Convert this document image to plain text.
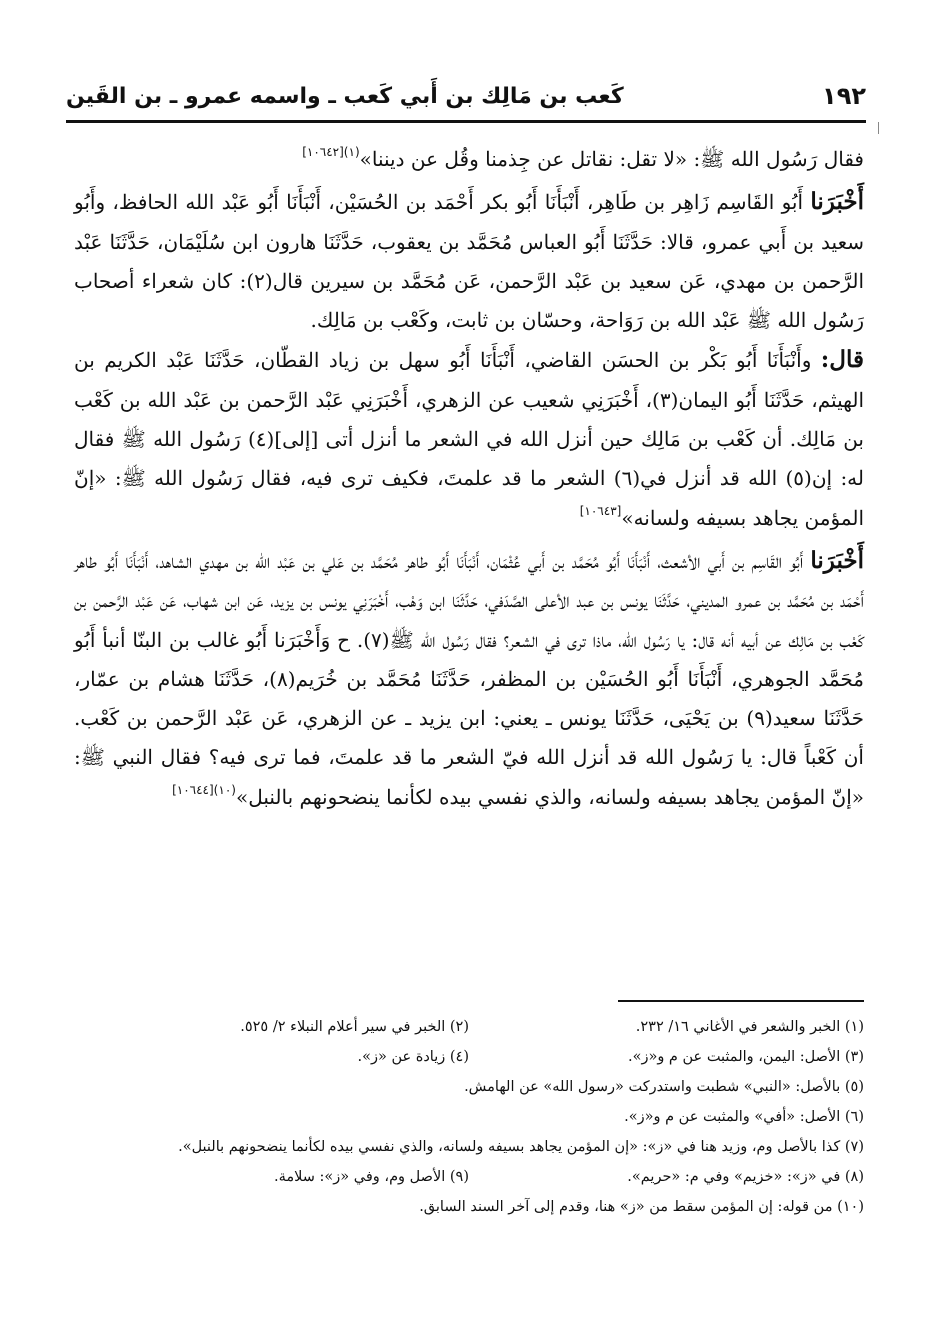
١٩٢
كَعب بن مَالِك بن أَبي كَعب ـ واسمه عمرو ـ بن القَين

فقال رَسُول الله ﷺ: «لا تقل: نقاتل عن جِذمنا وقُل عن ديننا»$^{(١)[١٠٦٤٢]}$

أَخْبَرَنا أَبُو القَاسِم زَاهِر بن طَاهِر، أَنْبَأَنَا أَبُو بكر أَحْمَد بن الحُسَيْن، أَنْبَأَنَا أَبُو عَبْد الله الحافظ، وأَبُو سعيد بن أَبي عمرو، قالا: حَدَّثَنَا أَبُو العباس مُحَمَّد بن يعقوب، حَدَّثَنَا هارون ابن سُلَيْمَان، حَدَّثَنَا عَبْد الرَّحمن بن مهدي، عَن سعيد بن عَبْد الرَّحمن، عَن مُحَمَّد بن سيرين قال(٢): كان شعراء أصحاب رَسُول الله ﷺ عَبْد الله بن رَوَاحة، وحسّان بن ثابت، وكَعْب بن مَالِك.

قال: وأَنْبَأَنَا أَبُو بَكْر بن الحسَن القاضي، أَنْبَأَنَا أَبُو سهل بن زياد القطّان، حَدَّثَنَا عَبْد الكريم بن الهيثم، حَدَّثَنَا أَبُو اليمان(٣)، أَخْبَرَنِي شعيب عن الزهري، أَخْبَرَنِي عَبْد الرَّحمن بن عَبْد الله بن كَعْب بن مَالِك. أن كَعْب بن مَالِك حين أنزل الله في الشعر ما أنزل أتى [إلى](٤) رَسُول الله ﷺ فقال له: إن(٥) الله قد أنزل في(٦) الشعر ما قد علمتَ، فكيف ترى فيه، فقال رَسُول الله ﷺ: «إنّ المؤمن يجاهد بسيفه ولسانه»[١٠٦٤٣]

أَخْبَرَنا أَبُو القَاسِم بن أَبي الأشعث، أَنْبَأَنَا أَبُو مُحَمَّد بن أَبي عُثْمَان، أَنْبَأَنَا أَبُو طاهر مُحَمَّد بن عَلي بن عَبْد الله بن مهدي الشاهد، أَنْبَأَنَا أَبُو طاهر أَحْمَد بن مُحَمَّد بن عمرو المديني، حَدَّثَنَا يونس بن عبد الأعلى الصَّدَفي، حَدَّثَنَا ابن وَهْب، أَخْبَرَنِي يونس بن يزيد، عَن ابن شهاب، عَن عَبْد الرَّحمن بن كَعْب بن مَالِك عن أبيه أنه قال: يا رَسُول الله، ماذا ترى في الشعر؟ فقال رَسُول الله ﷺ(٧). ح وَأَخْبَرَنا أَبُو غالب بن البنّا أنبأ أَبُو مُحَمَّد الجوهري، أَنْبَأَنَا أَبُو الحُسَيْن بن المظفر، حَدَّثَنَا مُحَمَّد بن خُرَيم(٨)، حَدَّثَنَا هشام بن عمّار، حَدَّثَنَا سعيد(٩) بن يَحْيَى، حَدَّثَنَا يونس ـ يعني: ابن يزيد ـ عن الزهري، عَن عَبْد الرَّحمن بن كَعْب. أن كَعْباً قال: يا رَسُول الله قد أنزل الله فيّ الشعر ما قد علمتَ، فما ترى فيه؟ فقال النبي ﷺ: «إنّ المؤمن يجاهد بسيفه ولسانه، والذي نفسي بيده لكأنما ينضحونهم بالنبل»$^{(١٠)[١٠٦٤٤]}$

(١) الخبر والشعر في الأغاني ١٦/ ٢٣٢.
(٢) الخبر في سير أعلام النبلاء ٢/ ٥٢٥.
(٣) الأصل: اليمن، والمثبت عن م و«ز».
(٤) زيادة عن «ز».
(٥) بالأصل: «النبي» شطبت واستدركت «رسول الله» عن الهامش.
(٦) الأصل: «أفي» والمثبت عن م و«ز».
(٧) كذا بالأصل وم، وزيد هنا في «ز»: «إن المؤمن يجاهد بسيفه ولسانه، والذي نفسي بيده لكأنما ينضحونهم بالنبل».
(٨) في «ز»: «خزيم» وفي م: «حريم».
(٩) الأصل وم، وفي «ز»: سلامة.
(١٠) من قوله: إن المؤمن سقط من «ز» هنا، وقدم إلى آخر السند السابق.
